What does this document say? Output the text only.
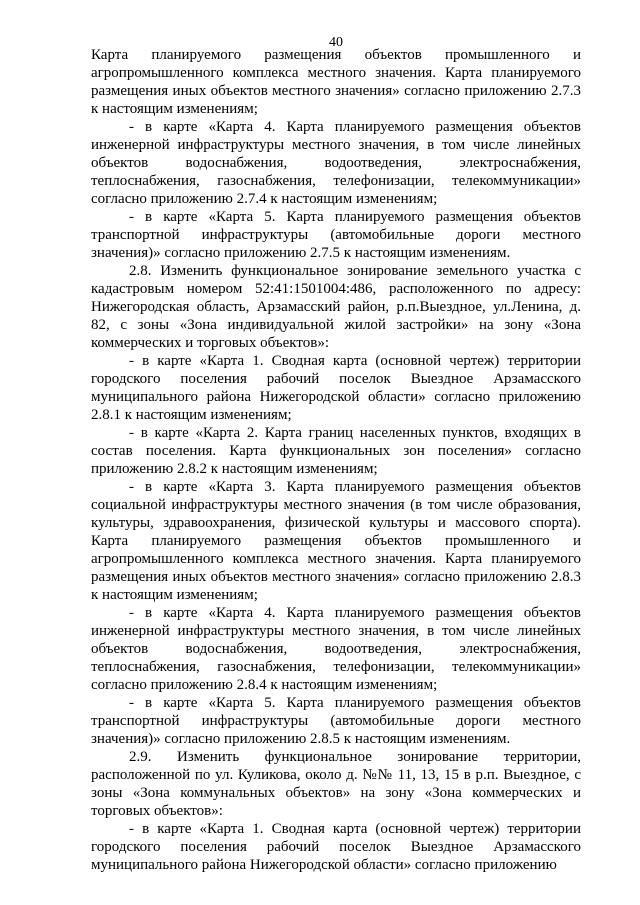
40

Карта планируемого размещения объектов промышленного и агропромышленного комплекса местного значения. Карта планируемого размещения иных объектов местного значения» согласно приложению 2.7.3 к настоящим изменениям;

- в карте «Карта 4. Карта планируемого размещения объектов инженерной инфраструктуры местного значения, в том числе линейных объектов водоснабжения, водоотведения, электроснабжения, теплоснабжения, газоснабжения, телефонизации, телекоммуникации» согласно приложению 2.7.4 к настоящим изменениям;

- в карте «Карта 5. Карта планируемого размещения объектов транспортной инфраструктуры (автомобильные дороги местного значения)» согласно приложению 2.7.5 к настоящим изменениям.

2.8. Изменить функциональное зонирование земельного участка с кадастровым номером 52:41:1501004:486, расположенного по адресу: Нижегородская область, Арзамасский район, р.п.Выездное, ул.Ленина, д. 82, с зоны «Зона индивидуальной жилой застройки» на зону «Зона коммерческих и торговых объектов»:

- в карте «Карта 1. Сводная карта (основной чертеж) территории городского поселения рабочий поселок Выездное Арзамасского муниципального района Нижегородской области» согласно приложению 2.8.1 к настоящим изменениям;

- в карте «Карта 2. Карта границ населенных пунктов, входящих в состав поселения. Карта функциональных зон поселения» согласно приложению 2.8.2 к настоящим изменениям;

- в карте «Карта 3. Карта планируемого размещения объектов социальной инфраструктуры местного значения (в том числе образования, культуры, здравоохранения, физической культуры и массового спорта). Карта планируемого размещения объектов промышленного и агропромышленного комплекса местного значения. Карта планируемого размещения иных объектов местного значения» согласно приложению 2.8.3 к настоящим изменениям;

- в карте «Карта 4. Карта планируемого размещения объектов инженерной инфраструктуры местного значения, в том числе линейных объектов водоснабжения, водоотведения, электроснабжения, теплоснабжения, газоснабжения, телефонизации, телекоммуникации» согласно приложению 2.8.4 к настоящим изменениям;

- в карте «Карта 5. Карта планируемого размещения объектов транспортной инфраструктуры (автомобильные дороги местного значения)» согласно приложению 2.8.5 к настоящим изменениям.

2.9. Изменить функциональное зонирование территории, расположенной по ул. Куликова, около д. №№ 11, 13, 15 в р.п. Выездное, с зоны «Зона коммунальных объектов» на зону «Зона коммерческих и торговых объектов»:

- в карте «Карта 1. Сводная карта (основной чертеж) территории городского поселения рабочий поселок Выездное Арзамасского муниципального района Нижегородской области» согласно приложению
